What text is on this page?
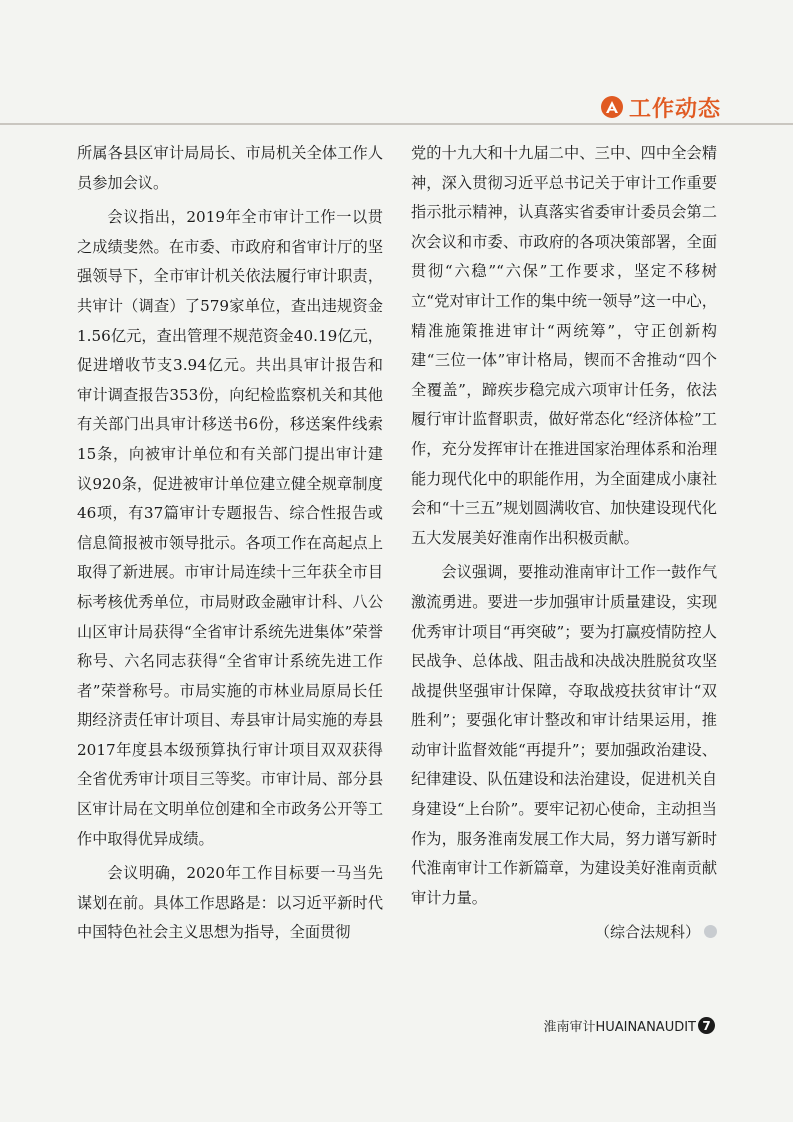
工作动态

所属各县区审计局局长、市局机关全体工作人员参加会议。

会议指出，2019年全市审计工作一以贯之成绩斐然。在市委、市政府和省审计厅的坚强领导下，全市审计机关依法履行审计职责，共审计（调查）了579家单位，查出违规资金1.56亿元，查出管理不规范资金40.19亿元，促进增收节支3.94亿元。共出具审计报告和审计调查报告353份，向纪检监察机关和其他有关部门出具审计移送书6份，移送案件线索15条，向被审计单位和有关部门提出审计建议920条，促进被审计单位建立健全规章制度46项，有37篇审计专题报告、综合性报告或信息简报被市领导批示。各项工作在高起点上取得了新进展。市审计局连续十三年获全市目标考核优秀单位，市局财政金融审计科、八公山区审计局获得“全省审计系统先进集体”荣誉称号、六名同志获得“全省审计系统先进工作者”荣誉称号。市局实施的市林业局原局长任期经济责任审计项目、寿县审计局实施的寿县2017年度县本级预算执行审计项目双双获得全省优秀审计项目三等奖。市审计局、部分县区审计局在文明单位创建和全市政务公开等工作中取得优异成绩。

会议明确，2020年工作目标要一马当先谋划在前。具体工作思路是：以习近平新时代中国特色社会主义思想为指导，全面贯彻

党的十九大和十九届二中、三中、四中全会精神，深入贯彻习近平总书记关于审计工作重要指示批示精神，认真落实省委审计委员会第二次会议和市委、市政府的各项决策部署，全面贯彻“六稳”“六保”工作要求，坚定不移树立“党对审计工作的集中统一领导”这一中心，精准施策推进审计“两统筹”，守正创新构建“三位一体”审计格局，锲而不舍推动“四个全覆盖”，蹄疾步稳完成六项审计任务，依法履行审计监督职责，做好常态化“经济体检”工作，充分发挥审计在推进国家治理体系和治理能力现代化中的职能作用，为全面建成小康社会和“十三五”规划圆满收官、加快建设现代化五大发展美好淮南作出积极贡献。

会议强调，要推动淮南审计工作一鼓作气激流勇进。要进一步加强审计质量建设，实现优秀审计项目“再突破”；要为打赢疫情防控人民战争、总体战、阻击战和决战决胜脱贫攻坚战提供坚强审计保障，夺取战疫扶贫审计“双胜利”；要强化审计整改和审计结果运用，推动审计监督效能“再提升”；要加强政治建设、纪律建设、队伍建设和法治建设，促进机关自身建设“上台阶”。要牢记初心使命，主动担当作为，服务淮南发展工作大局，努力谱写新时代淮南审计工作新篇章，为建设美好淮南贡献审计力量。

（综合法规科）
淮南审计HUAINANAUDIT 7
